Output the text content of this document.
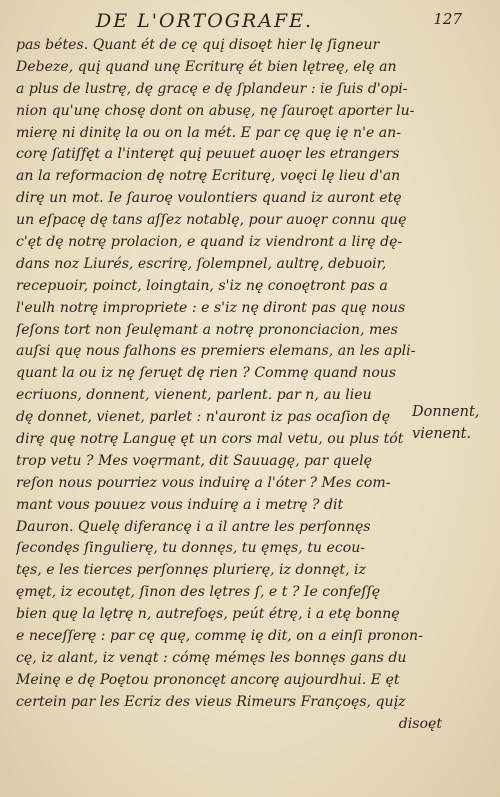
DE L'ORTOGRAFE.	127
pas bétes. Quant ét de cę quį disoęt hier lę ſigneur
Debeze, quį quand unę Ecriturę ét bien lętreę, elę an
a plus de lustrę, dę gracę e dę ſplandeur : ie ſuis d'opi-
nion qu'unę chosę dont on abusę, nę ſauroęt aporter lu-
mierę ni dinitę la ou on la mét. E par cę quę ię n'e an-
corę ſatiſfęt a l'interęt quį peuuet auoęr les etrangers
an la reformacion dę notrę Ecriturę, voęci lę lieu d'an
dirę un mot. Ie ſauroę voulontiers quand iz auront etę
un eſpacę dę tans aſſez notablę, pour auoęr connu quę
c'ęt dę notrę prolacion, e quand iz viendront a lirę dę-
dans noz Liurés, escrirę, ſolempnel, aultrę, debuoir,
recepuoir, poinct, loingtain, s'iz nę conoętront pas a
l'eulh notrę impropriete : e s'iz nę diront pas quę nous
ſeſons tort non ſeulęmant a notrę prononciacion, mes
auſsi quę nous falhons es premiers elemans, an les apli-
quant la ou iz nę ſeruęt dę rien ? Commę quand nous
ecriuons, donnent, vienent, parlent. par n, au lieu
dę donnet, vienet, parlet : n'auront iz pas ocaſion dę
dirę quę notrę Languę ęt un cors mal vetu, ou plus tót
trop vetu ? Mes voęrmant, dit Sauuagę, par quelę
reſon nous pourriez vous induirę a l'óter ? Mes com-
mant vous pouuez vous induirę a i metrę ? dit
Dauron. Quelę diferancę i a il antre les perſonnęs
ſecondęs ſingulierę, tu donnęs, tu ęmęs, tu ecou-
tęs, e les tierces perſonnęs plurierę, iz donnęt, iz
ęmęt, iz ecoutęt, ſinon des lętres ſ, e t ? Ie confeſſę
bien quę la lętrę n, autrefoęs, peút étrę, i a etę bonnę
e neceſſerę : par cę quę, commę ię dit, on a einſi pronon-
cę, iz alant, iz venąt : cómę mémęs les bonnęs gans du
Meinę e dę Poętou prononcęt ancorę aujourdhui. E ęt
certein par les Ecriz des vieus Rimeurs Françoęs, quįz
disoęt
Donnent,
vienent.
